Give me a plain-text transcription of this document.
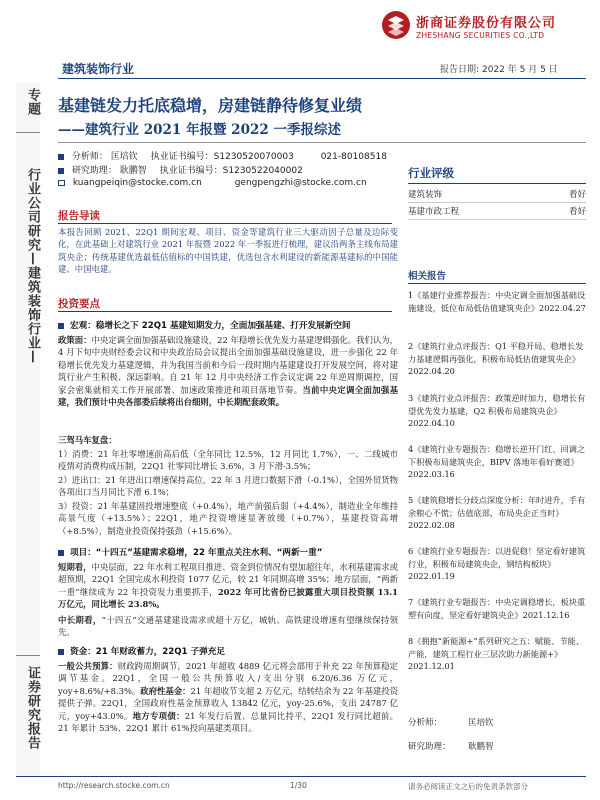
浙商证券股份有限公司
ZHESHANG SECURITIES CO.,LTD
建筑装饰行业	报告日期: 2022 年 5 月 5 日
专题
行业公司研究—建筑装饰行业—
证券研究报告
基建链发力托底稳增，房建链静待修复业绩
——建筑行业 2021 年报暨 2022 一季报综述
分析师： 匡培钦 执业证书编号：S1230520070003	021-80108518
研究助理： 耿鹏智 执业证书编号：S1230522040002
kuangpeiqin@stocke.com.cn	gengpengzhi@stocke.com.cn
报告导读
本报告回顾 2021、22Q1 期间宏观、项目、资金等建筑行业三大驱动因子总量及边际变化，在此基础上对建筑行业 2021 年报暨 2022 年一季报进行梳理，建议沿两条主线布局建筑央企；传统基建优选最低估值标的中国铁建，优选包含水利建设的新能源基建标的中国能建、中国电建。
投资要点
宏观：稳增长之下 22Q1 基建知期发力，全面加强基建、打开发展新空间
政策面：中央定调全面加强基础设施建设，22 年稳增长优先发力基建逻辑强化。我们认为，4 月下旬中央财经委会议和中央政治局会议提出全面加强基础设施建设，进一步强化 22 年稳增长优先发力基建逻辑，并为我国当前和今后一段时期内基建建设打开发展空间，将对建筑行业产生积极、深远影响。自 21 年 12 月中央经济工作会议定调 22 年逆周期调控，国家会密集就相关工作开展部署、加速政策推进和项目落地节奏。当前中央定调全面加强基建，我们预计中央各部委后续将出台细则，中长期配套政策。
三驾马车复盘：
1）消费：21 年社零增速前高后低（全年同比 12.5%，12 月同比 1.7%），一、二线城市疫情对消费构成压制，22Q1 社零同比增长 3.6%，3 月下滑-3.5%；
2）进出口：21 年进出口增速保持高位，22 年 3 月进口数据下滑（-0.1%），全国外贸货物各项出口当月同比下滑 6.1%；
3）投资：21 年基建固投增速整底（+0.4%），地产前强后弱（+4.4%），制造业全年维持高景气度（+13.5%）；22Q1，地产投资增速显著放缓（+0.7%），基建投资高增（+8.5%），制造业投资保持强劲（+15.6%）。
项目：“十四五”基建需求稳增，22 年重点关注水利、“两新一重”
短期看，中央层面，22 年水利工程项目推进、资金到位情况有望加超往年，水利基建需求或超预期，22Q1 全国完成水利投资 1077 亿元，较 21 年同期高增 35%；地方层面，“两新一重”继续成为 22 年投资发力重要抓手，2022 年可比省份已披露重大项目投资额 13.1 万亿元，同比增长 23.8%。
中长期看，“十四五”交通基建建设需求或超十万亿，城轨、高铁建设增速有望继续保持领先。
资金：21 年财政蓄力，22Q1 子弹充足
一般公共预算：财政跨周期调节，2021 年超收 4889 亿元将会部用于补充 22 年预算稳定调节基金。22Q1，全国一般公共预算收入/支出分别 6.20/6.36 万亿元，yoy+8.6%/+8.3%。政府性基金：21 年超收节支超 2 万亿元，结转结余为 22 年基建投资提供子弹。22Q1，全国政府性基金预算收入 13842 亿元，yoy-25.6%，支出 24787 亿元，yoy+43.0%。地方专项债：21 年发行后置、总量同比持平，22Q1 发行同比超前。21 年累计 53%、22Q1 累计 61%投向基建类项目。
行业评级
建筑装饰	看好
基建市政工程	看好
相关报告
1《基建行业推荐报告：中央定调全面加强基础设施建设，低位布局低估值建筑央企》2022.04.27
2《建筑行业点评报告：Q1 平稳开局、稳增长发力基建逻辑再强化，积极布局低估值建筑央企》2022.04.20
3《建筑行业点评报告：政策逆时加力，稳增长有望优先发力基建，Q2 积极布局建筑央企》2022.04.10
4《建筑行业专题报告：稳增长逆开门红、回调之下积极布局建筑央企，BIPV 落地年看好赛道》2022.03.16
5《建筑稳增长分歧点深度分析：年时进升，手有余粮心不慌；估值底部，布局央企正当时》2022.02.08
6《建筑行业专题报告：以进促稳！坚定看好建筑行业，积极布局建筑央企，钢结构板块》2022.01.19
7《建筑行业专题报告：中央定调稳增长，板块重塑有向度，坚定看好建筑央企》2021.12.16
8《拥抱“新能源+”系列研究之五：赋能、节能、产能，建筑工程行业三层次助力新能源+》2021.12.01
分析师：	匡培钦
研究助理： 耿鹏智
http://research.stocke.com.cn	1/30	请务必阅读正文之后的免责条款部分
